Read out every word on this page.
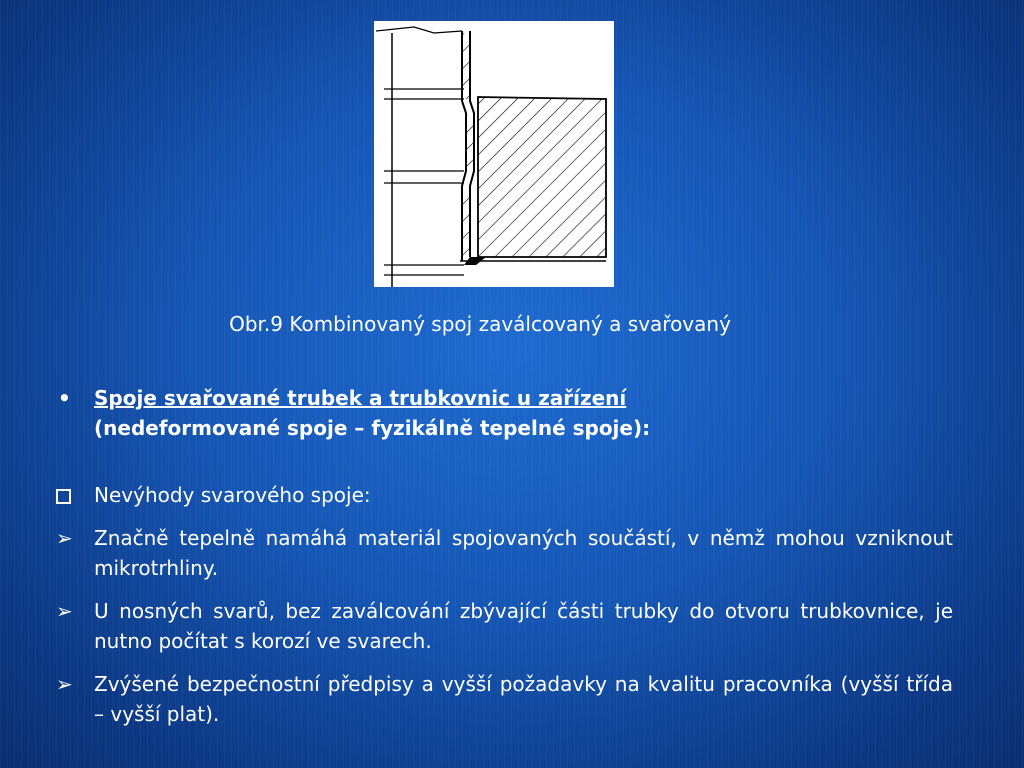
Obr.9 Kombinovaný spoj zaválcovaný a svařovaný
• Spoje svařované trubek a trubkovnic u zařízení
(nedeformované spoje – fyzikálně tepelné spoje):
Nevýhody svarového spoje:
➢	Značně tepelně namáhá materiál spojovaných součástí, v němž mohou vzniknout mikrotrhliny.
➢	U nosných svarů, bez zaválcování zbývající části trubky do otvoru trubkovnice, je nutno počítat s korozí ve svarech.
➢	Zvýšené bezpečnostní předpisy a vyšší požadavky na kvalitu pracovníka (vyšší třída – vyšší plat).
